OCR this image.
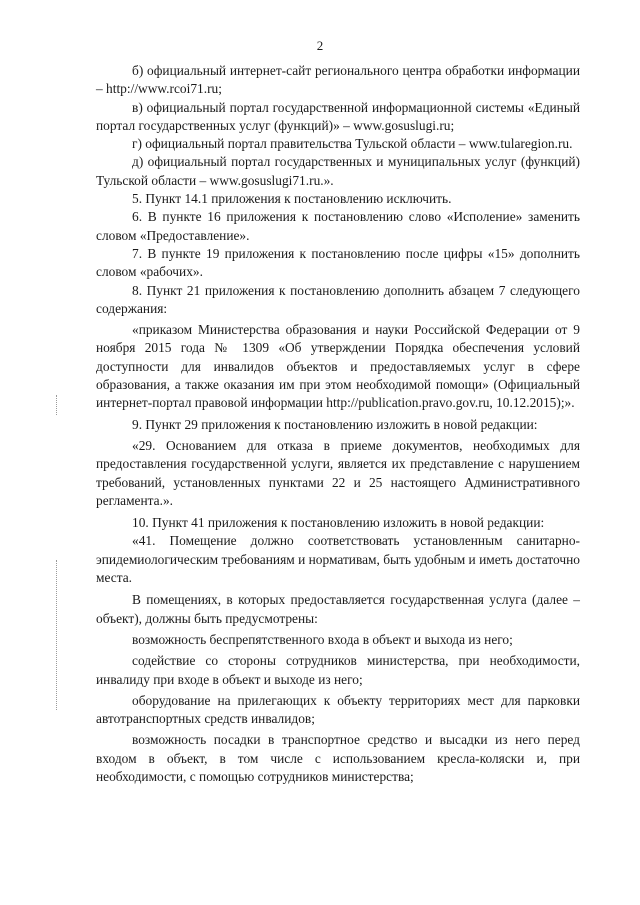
2

б) официальный интернет-сайт регионального центра обработки информации – http://www.rcoi71.ru;

в) официальный портал государственной информационной системы «Единый портал государственных услуг (функций)» – www.gosuslugi.ru;

г) официальный портал правительства Тульской области – www.tularegion.ru.

д) официальный портал государственных и муниципальных услуг (функций) Тульской области – www.gosuslugi71.ru.».

5. Пункт 14.1 приложения к постановлению исключить.

6. В пункте 16 приложения к постановлению слово «Исполение» заменить словом «Предоставление».

7. В пункте 19 приложения к постановлению после цифры «15» дополнить словом «рабочих».

8. Пункт 21 приложения к постановлению дополнить абзацем 7 следующего содержания:

«приказом Министерства образования и науки Российской Федерации от 9 ноября 2015 года № 1309 «Об утверждении Порядка обеспечения условий доступности для инвалидов объектов и предоставляемых услуг в сфере образования, а также оказания им при этом необходимой помощи» (Официальный интернет-портал правовой информации http://publication.pravo.gov.ru, 10.12.2015);».

9. Пункт 29 приложения к постановлению изложить в новой редакции:

«29. Основанием для отказа в приеме документов, необходимых для предоставления государственной услуги, является их представление с нарушением требований, установленных пунктами 22 и 25 настоящего Административного регламента.».

10. Пункт 41 приложения к постановлению изложить в новой редакции:

«41. Помещение должно соответствовать установленным санитарно-эпидемиологическим требованиям и нормативам, быть удобным и иметь достаточно места.

В помещениях, в которых предоставляется государственная услуга (далее – объект), должны быть предусмотрены:

возможность беспрепятственного входа в объект и выхода из него;

содействие со стороны сотрудников министерства, при необходимости, инвалиду при входе в объект и выходе из него;

оборудование на прилегающих к объекту территориях мест для парковки автотранспортных средств инвалидов;

возможность посадки в транспортное средство и высадки из него перед входом в объект, в том числе с использованием кресла-коляски и, при необходимости, с помощью сотрудников министерства;
